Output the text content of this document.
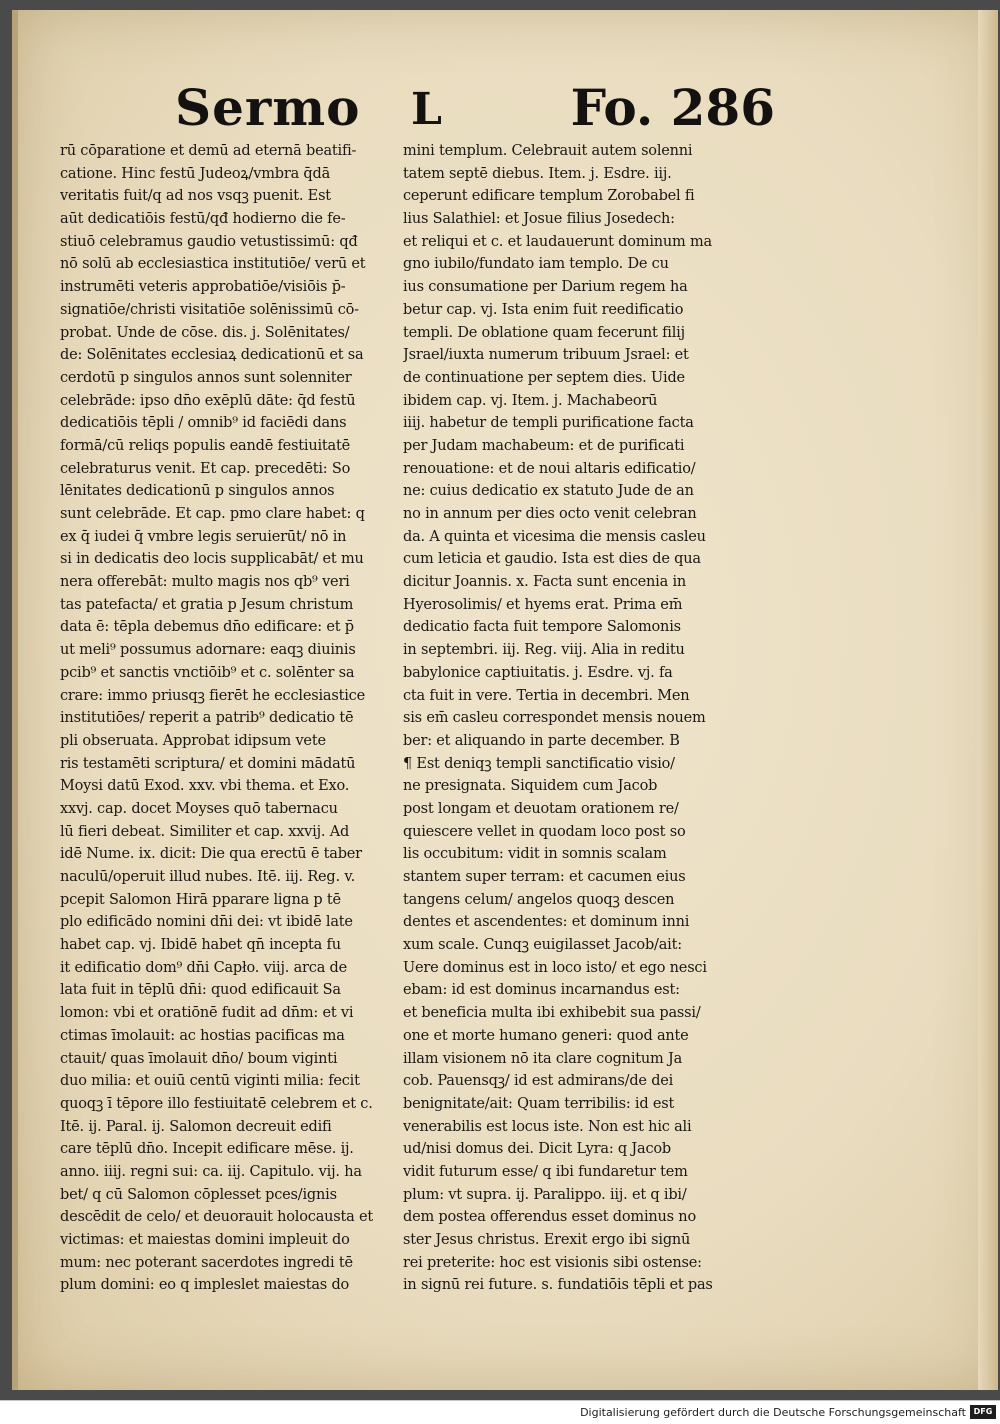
Sermo L	Fo. 286
rū cōparatione et demū ad eternā beatifi-
catione. Hinc festū Judeoꝝ/vmbra q̄dā
veritatis fuit/q ad nos vsqꝫ puenit. Est
aūt dedicatiōis festū/qđ hodierno die fe-
stiuō celebramus gaudio vetustissimū: qđ
nō solū ab ecclesiastica institutiōe/ verū et
instrumēti veteris approbatiōe/visiōis p̄-
signatiōe/christi visitatiōe solēnissimū cō-
probat. Unde de cōse. dis. j. Solēnitates/
de: Solēnitates ecclesiaꝝ dedicationū et sa
cerdotū p singulos annos sunt solenniter
celebrāde: ipso dn̄o exēplū dāte: q̄d festū
dedicatiōis tēpli / omnib⁹ id faciēdi dans
formā/cū reliqs populis eandē festiuitatē
celebraturus venit. Et cap. precedēti: So
lēnitates dedicationū p singulos annos
sunt celebrāde. Et cap. pmo clare habet: q
ex q̄ iudei q̄ vmbre legis seruierūt/ nō in
si in dedicatis deo locis supplicabāt/ et mu
nera offerebāt: multo magis nos qb⁹ veri
tas patefacta/ et gratia p Jesum christum
data ē: tēpla debemus dn̄o edificare: et p̄
ut meli⁹ possumus adornare: eaqꝫ diuinis
pcib⁹ et sanctis vnctiōib⁹ et c. solēnter sa
crare: immo priusqꝫ fierēt he ecclesiastice
institutiōes/ reperit a patrib⁹ dedicatio tē
pli obseruata. Approbat idipsum vete
ris testamēti scriptura/ et domini mādatū
Moysi datū Exod. xxv. vbi thema. et Exo.
xxvj. cap. docet Moyses quō tabernacu
lū fieri debeat. Similiter et cap. xxvij. Ad
idē Nume. ix. dicit: Die qua erectū ē taber
naculū/operuit illud nubes. Itē. iij. Reg. v.
pcepit Salomon Hirā pparare ligna p tē
plo edificādo nomini dn̄i dei: vt ibidē late
habet cap. vj. Ibidē habet qn̄ incepta fu
it edificatio dom⁹ dn̄i Capło. viij. arca de
lata fuit in tēplū dn̄i: quod edificauit Sa
lomon: vbi et oratiōnē fudit ad dn̄m: et vi
ctimas īmolauit: ac hostias pacificas ma
ctauit/ quas īmolauit dn̄o/ boum viginti
duo milia: et ouiū centū viginti milia: fecit
quoqꝫ ī tēpore illo festiuitatē celebrem et c.
Itē. ij. Paral. ij. Salomon decreuit edifi
care tēplū dn̄o. Incepit edificare mēse. ij.
anno. iiij. regni sui: ca. iij. Capitulo. vij. ha
bet/ q cū Salomon cōplesset pces/ignis
descēdit de celo/ et deuorauit holocausta et
victimas: et maiestas domini impleuit do
mum: nec poterant sacerdotes ingredi tē
plum domini: eo q impleslet maiestas do
mini templum. Celebrauit autem solenni
tatem septē diebus. Item. j. Esdre. iij.
ceperunt edificare templum Zorobabel fi
lius Salathiel: et Josue filius Josedech:
et reliqui et c. et laudauerunt dominum ma
gno iubilo/fundato iam templo. De cu
ius consumatione per Darium regem ha
betur cap. vj. Ista enim fuit reedificatio
templi. De oblatione quam fecerunt filij
Jsrael/iuxta numerum tribuum Jsrael: et
de continuatione per septem dies. Uide
ibidem cap. vj. Item. j. Machabeorū
iiij. habetur de templi purificatione facta
per Judam machabeum: et de purificati
renouatione: et de noui altaris edificatio/
ne: cuius dedicatio ex statuto Jude de an
no in annum per dies octo venit celebran
da. A quinta et vicesima die mensis casleu
cum leticia et gaudio. Ista est dies de qua
dicitur Joannis. x. Facta sunt encenia in
Hyerosolimis/ et hyems erat. Prima em̄
dedicatio facta fuit tempore Salomonis
in septembri. iij. Reg. viij. Alia in reditu
babylonice captiuitatis. j. Esdre. vj. fa
cta fuit in vere. Tertia in decembri. Men
sis em̄ casleu correspondet mensis nouem
ber: et aliquando in parte december. B
¶ Est deniqꝫ templi sanctificatio visio/
ne presignata. Siquidem cum Jacob
post longam et deuotam orationem re/
quiescere vellet in quodam loco post so
lis occubitum: vidit in somnis scalam
stantem super terram: et cacumen eius
tangens celum/ angelos quoqꝫ descen
dentes et ascendentes: et dominum inni
xum scale. Cunqꝫ euigilasset Jacob/ait:
Uere dominus est in loco isto/ et ego nesci
ebam: id est dominus incarnandus est:
et beneficia multa ibi exhibebit sua passi/
one et morte humano generi: quod ante
illam visionem nō ita clare cognitum Ja
cob. Pauensqꝫ/ id est admirans/de dei
benignitate/ait: Quam terribilis: id est
venerabilis est locus iste. Non est hic ali
ud/nisi domus dei. Dicit Lyra: q Jacob
vidit futurum esse/ q ibi fundaretur tem
plum: vt supra. ij. Paralippo. iij. et q ibi/
dem postea offerendus esset dominus no
ster Jesus christus. Erexit ergo ibi signū
rei preterite: hoc est visionis sibi ostense:
in signū rei future. s. fundatiōis tēpli et pas
Digitalisierung gefördert durch die Deutsche Forschungsgemeinschaft DFG
